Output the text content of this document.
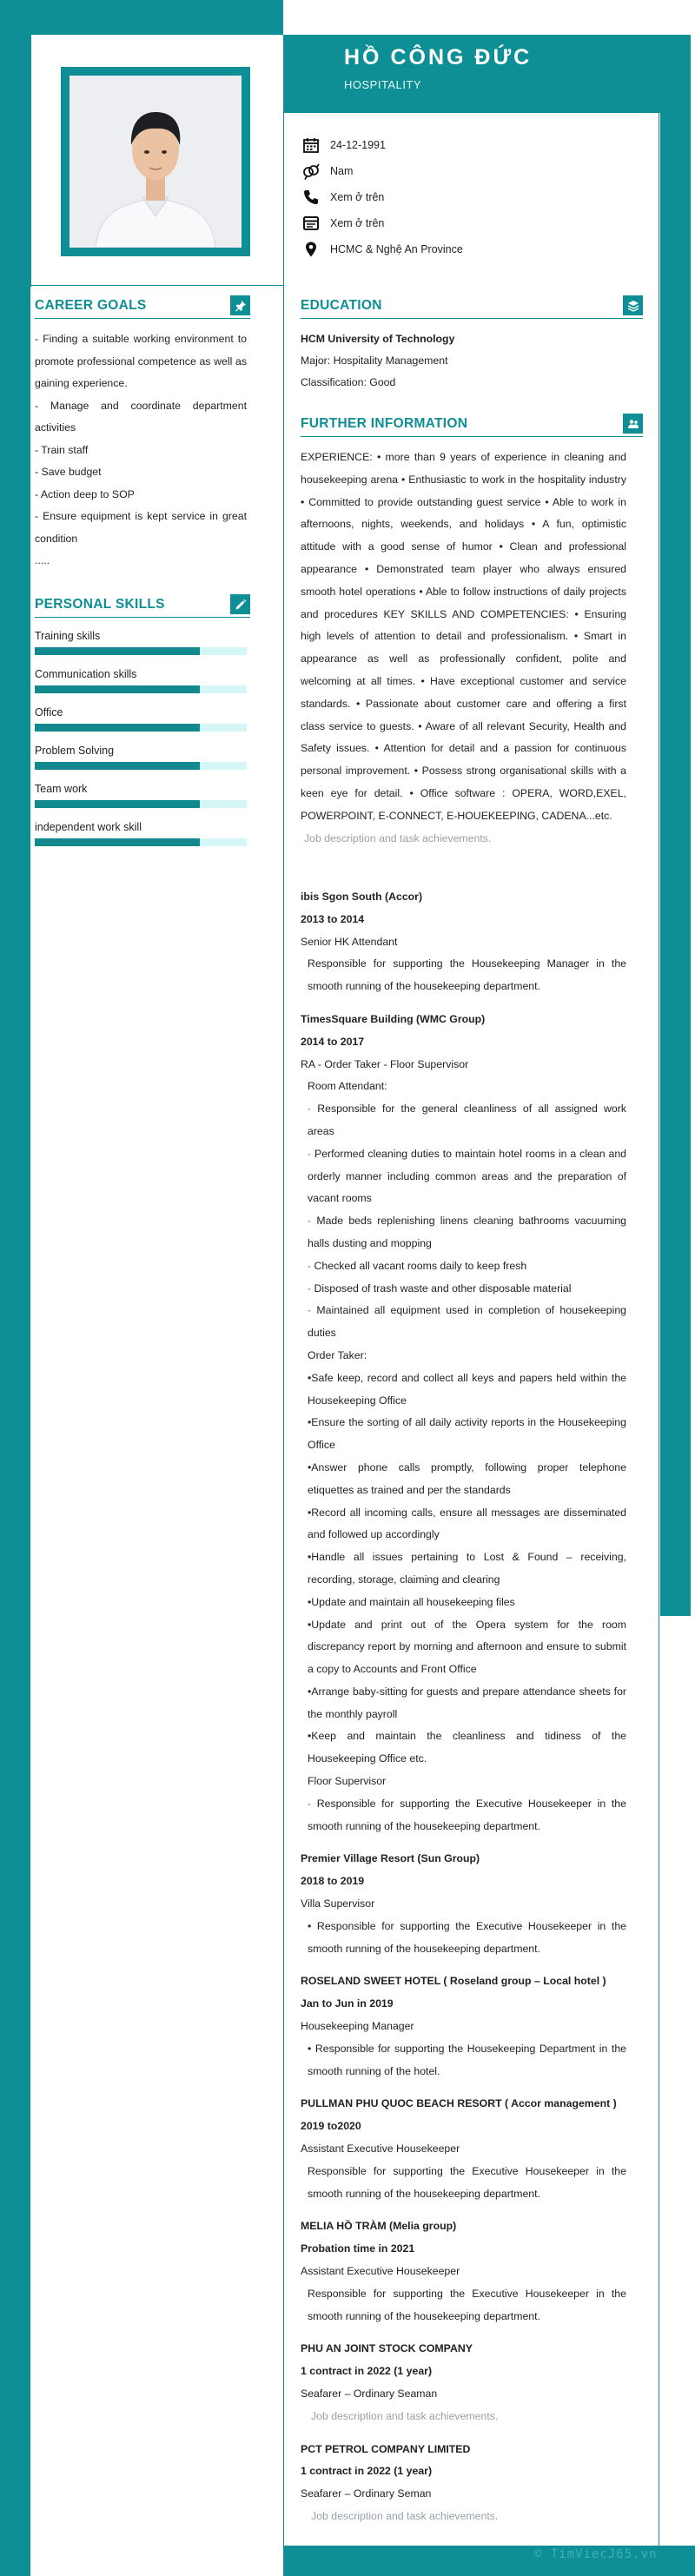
HỒ CÔNG ĐỨC
HOSPITALITY
24-12-1991
Nam
Xem ở trên
Xem ở trên
HCMC & Nghệ An Province
CAREER GOALS

- Finding a suitable working environment to promote professional competence as well as gaining experience.

- Manage and coordinate department activities

- Train staff

- Save budget

- Action deep to SOP

- Ensure equipment is kept service in great condition

.....

PERSONAL SKILLS
Training skills
Communication skills
Office
Problem Solving
Team work
independent work skill
EDUCATION
HCM University of Technology
Major: Hospitality Management
Classification: Good
FURTHER INFORMATION
EXPERIENCE: • more than 9 years of experience in cleaning and housekeeping arena • Enthusiastic to work in the hospitality industry • Committed to provide outstanding guest service • Able to work in afternoons, nights, weekends, and holidays • A fun, optimistic attitude with a good sense of humor • Clean and professional appearance • Demonstrated team player who always ensured smooth hotel operations • Able to follow instructions of daily projects and procedures KEY SKILLS AND COMPETENCIES: • Ensuring high levels of attention to detail and professionalism. • Smart in appearance as well as professionally confident, polite and welcoming at all times. • Have exceptional customer and service standards. • Passionate about customer care and offering a first class service to guests. • Aware of all relevant Security, Health and Safety issues. • Attention for detail and a passion for continuous personal improvement. • Possess strong organisational skills with a keen eye for detail. • Office software : OPERA, WORD,EXEL, POWERPOINT, E-CONNECT, E-HOUEKEEPING, CADENA...etc.
Job description and task achievements.
ibis Sgon South (Accor)
2013 to 2014
Senior HK Attendant
Responsible for supporting the Housekeeping Manager in the smooth running of the housekeeping department.
TimesSquare Building (WMC Group)
2014 to 2017
RA - Order Taker - Floor Supervisor
Room Attendant:
· Responsible for the general cleanliness of all assigned work areas
· Performed cleaning duties to maintain hotel rooms in a clean and orderly manner including common areas and the preparation of vacant rooms
· Made beds replenishing linens cleaning bathrooms vacuuming halls dusting and mopping
· Checked all vacant rooms daily to keep fresh
· Disposed of trash waste and other disposable material
· Maintained all equipment used in completion of housekeeping duties
Order Taker:
•Safe keep, record and collect all keys and papers held within the Housekeeping Office
•Ensure the sorting of all daily activity reports in the Housekeeping Office
•Answer phone calls promptly, following proper telephone etiquettes as trained and per the standards
•Record all incoming calls, ensure all messages are disseminated and followed up accordingly
•Handle all issues pertaining to Lost & Found – receiving, recording, storage, claiming and clearing
•Update and maintain all housekeeping files
•Update and print out of the Opera system for the room discrepancy report by morning and afternoon and ensure to submit a copy to Accounts and Front Office
•Arrange baby-sitting for guests and prepare attendance sheets for the monthly payroll
•Keep and maintain the cleanliness and tidiness of the Housekeeping Office etc.
Floor Supervisor
· Responsible for supporting the Executive Housekeeper in the smooth running of the housekeeping department.
Premier Village Resort (Sun Group)
2018 to 2019
Villa Supervisor
• Responsible for supporting the Executive Housekeeper in the smooth running of the housekeeping department.
ROSELAND SWEET HOTEL ( Roseland group – Local hotel )
Jan to Jun in 2019
Housekeeping Manager
• Responsible for supporting the Housekeeping Department in the smooth running of the hotel.
PULLMAN PHU QUOC BEACH RESORT ( Accor management )
2019 to2020
Assistant Executive Housekeeper
Responsible for supporting the Executive Housekeeper in the smooth running of the housekeeping department.
MELIA HỒ TRÀM (Melia group)
Probation time in 2021
Assistant Executive Housekeeper
Responsible for supporting the Executive Housekeeper in the smooth running of the housekeeping department.
PHU AN JOINT STOCK COMPANY
1 contract in 2022 (1 year)
Seafarer – Ordinary Seaman
Job description and task achievements.
PCT PETROL COMPANY LIMITED
1 contract in 2022 (1 year)
Seafarer – Ordinary Seman
Job description and task achievements.
© TimViecJ65.vn
